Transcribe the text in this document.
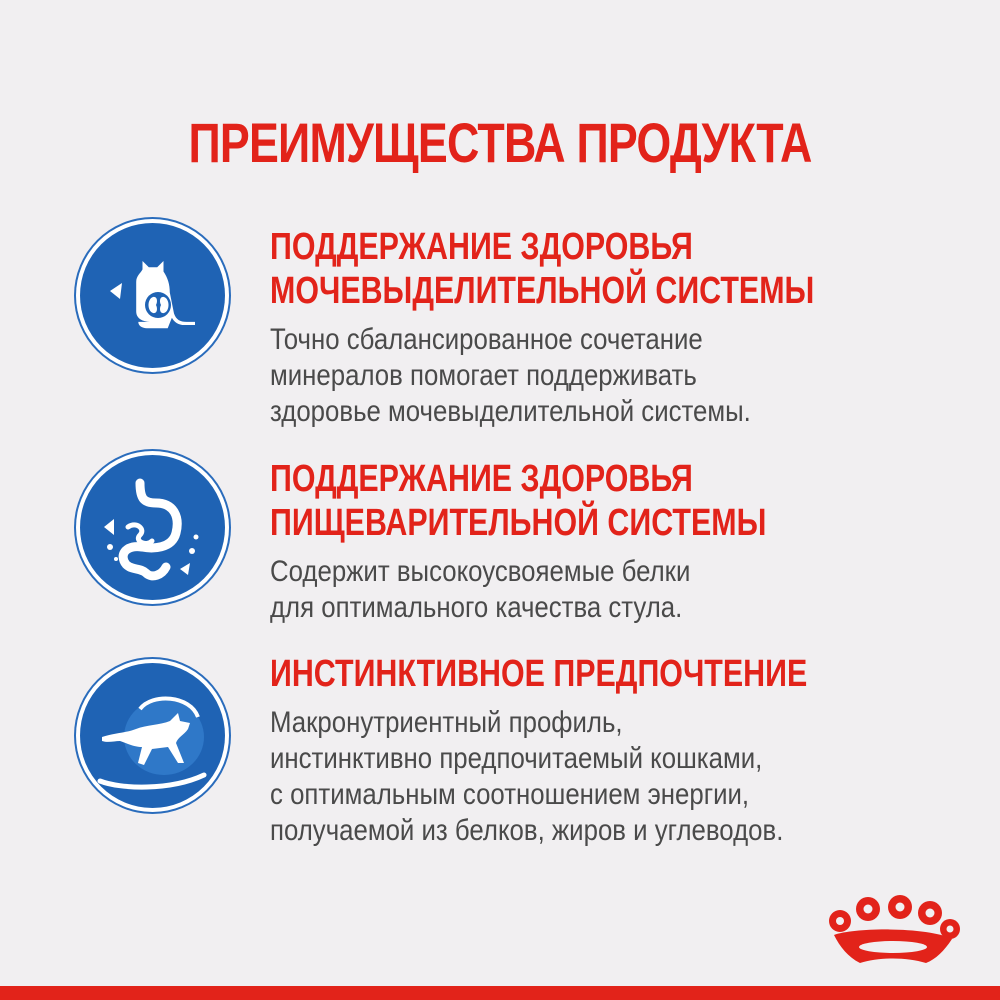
ПРЕИМУЩЕСТВА ПРОДУКТА
ПОДДЕРЖАНИЕ ЗДОРОВЬЯ
МОЧЕВЫДЕЛИТЕЛЬНОЙ СИСТЕМЫ
Точно сбалансированное сочетание
минералов помогает поддерживать
здоровье мочевыделительной системы.
ПОДДЕРЖАНИЕ ЗДОРОВЬЯ
ПИЩЕВАРИТЕЛЬНОЙ СИСТЕМЫ
Содержит высокоусвояемые белки
для оптимального качества стула.
ИНСТИНКТИВНОЕ ПРЕДПОЧТЕНИЕ
Макронутриентный профиль,
инстинктивно предпочитаемый кошками,
с оптимальным соотношением энергии,
получаемой из белков, жиров и углеводов.
